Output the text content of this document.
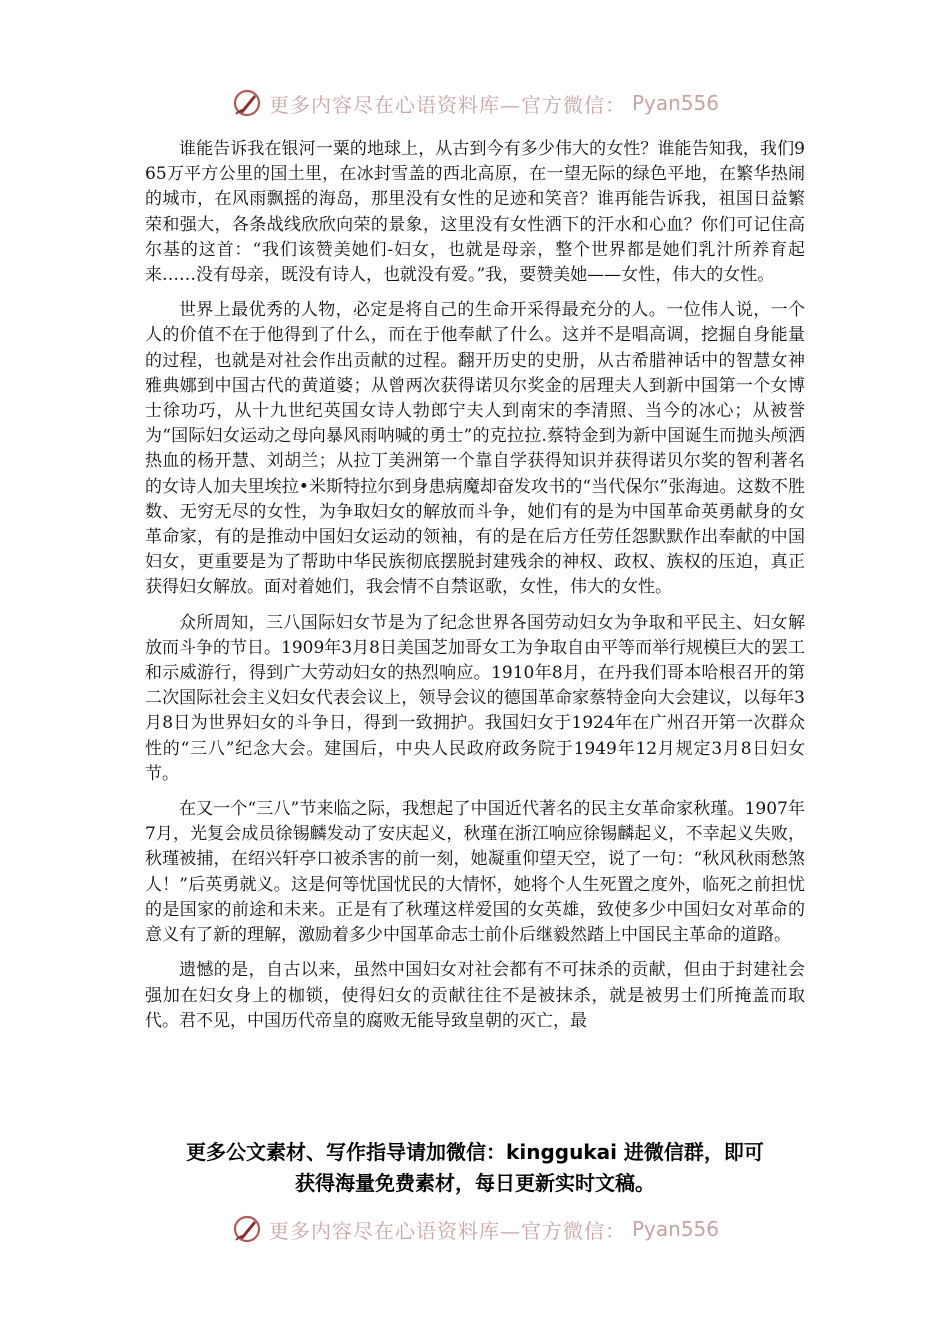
更多内容尽在心语资料库—官方微信： Pyan556

谁能告诉我在银河一粟的地球上，从古到今有多少伟大的女性？谁能告知我，我们965万平方公里的国土里，在冰封雪盖的西北高原，在一望无际的绿色平地，在繁华热闹的城市，在风雨飘摇的海岛，那里没有女性的足迹和笑音？谁再能告诉我，祖国日益繁荣和强大，各条战线欣欣向荣的景象，这里没有女性洒下的汗水和心血？你们可记住高尔基的这首：“我们该赞美她们-妇女，也就是母亲，整个世界都是她们乳汁所养育起来……没有母亲，既没有诗人，也就没有爱。”我，要赞美她——女性，伟大的女性。

世界上最优秀的人物，必定是将自己的生命开采得最充分的人。一位伟人说，一个人的价值不在于他得到了什么，而在于他奉献了什么。这并不是唱高调，挖掘自身能量的过程，也就是对社会作出贡献的过程。翻开历史的史册，从古希腊神话中的智慧女神雅典娜到中国古代的黄道婆；从曾两次获得诺贝尔奖金的居理夫人到新中国第一个女博士徐功巧，从十九世纪英国女诗人勃郎宁夫人到南宋的李清照、当今的冰心；从被誉为“国际妇女运动之母向暴风雨呐喊的勇士”的克拉拉.蔡特金到为新中国诞生而抛头颅洒热血的杨开慧、刘胡兰；从拉丁美洲第一个靠自学获得知识并获得诺贝尔奖的智利著名的女诗人加夫里埃拉•米斯特拉尔到身患病魔却奋发攻书的“当代保尔”张海迪。这数不胜数、无穷无尽的女性，为争取妇女的解放而斗争，她们有的是为中国革命英勇献身的女革命家，有的是推动中国妇女运动的领袖，有的是在后方任劳任怨默默作出奉献的中国妇女，更重要是为了帮助中华民族彻底摆脱封建残余的神权、政权、族权的压迫，真正获得妇女解放。面对着她们，我会情不自禁讴歌，女性，伟大的女性。

众所周知，三八国际妇女节是为了纪念世界各国劳动妇女为争取和平民主、妇女解放而斗争的节日。1909年3月8日美国芝加哥女工为争取自由平等而举行规模巨大的罢工和示威游行，得到广大劳动妇女的热烈响应。1910年8月，在丹我们哥本哈根召开的第二次国际社会主义妇女代表会议上，领导会议的德国革命家蔡特金向大会建议，以每年3月8日为世界妇女的斗争日，得到一致拥护。我国妇女于1924年在广州召开第一次群众性的“三八”纪念大会。建国后，中央人民政府政务院于1949年12月规定3月8日妇女节。

在又一个“三八”节来临之际，我想起了中国近代著名的民主女革命家秋瑾。1907年7月，光复会成员徐锡麟发动了安庆起义，秋瑾在浙江响应徐锡麟起义，不幸起义失败，秋瑾被捕，在绍兴轩亭口被杀害的前一刻，她凝重仰望天空，说了一句：“秋风秋雨愁煞人！”后英勇就义。这是何等忧国忧民的大情怀，她将个人生死置之度外，临死之前担忧的是国家的前途和未来。正是有了秋瑾这样爱国的女英雄，致使多少中国妇女对革命的意义有了新的理解，激励着多少中国革命志士前仆后继毅然踏上中国民主革命的道路。

遗憾的是，自古以来，虽然中国妇女对社会都有不可抹杀的贡献，但由于封建社会强加在妇女身上的枷锁，使得妇女的贡献往往不是被抹杀，就是被男士们所掩盖而取代。君不见，中国历代帝皇的腐败无能导致皇朝的灭亡，最

更多公文素材、写作指导请加微信：kinggukai 进微信群，即可
获得海量免费素材，每日更新实时文稿。
更多内容尽在心语资料库—官方微信： Pyan556
